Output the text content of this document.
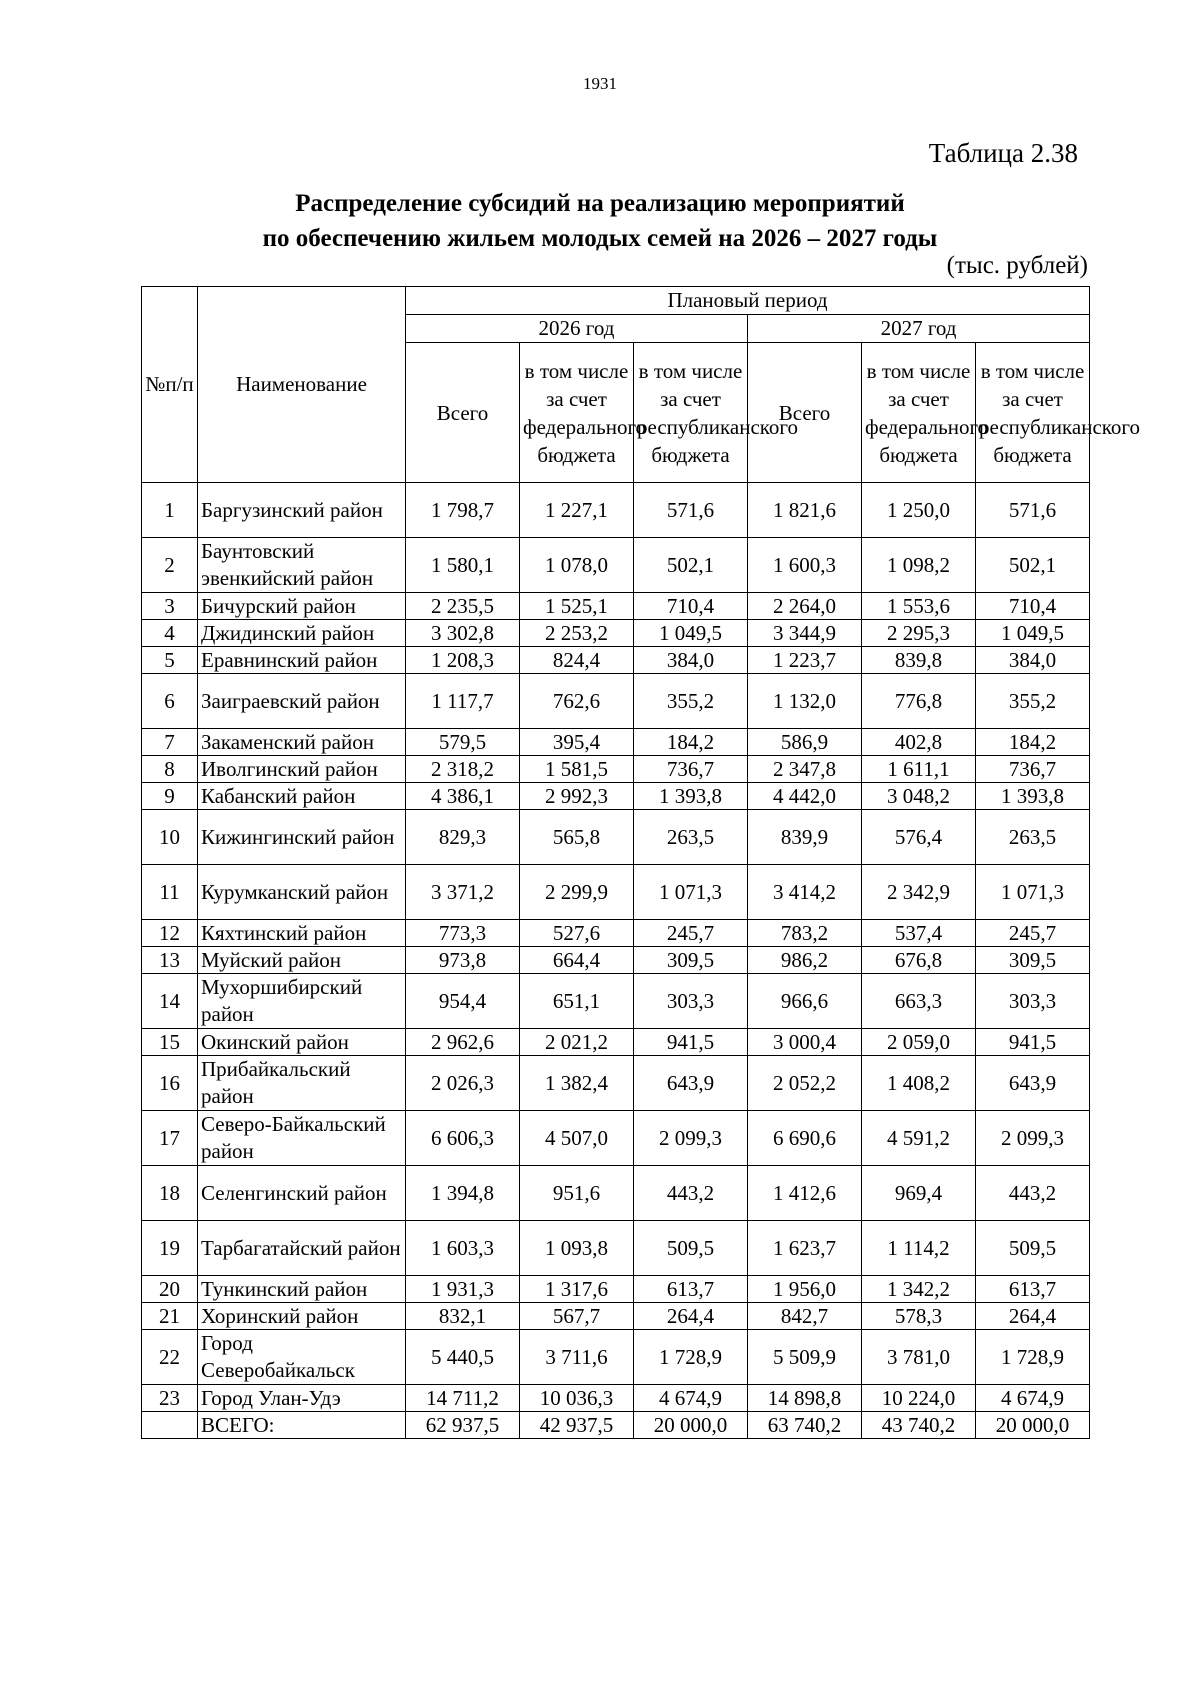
1931
Таблица 2.38
Распределение субсидий на реализацию мероприятий
по обеспечению жильем молодых семей на 2026 – 2027 годы
(тыс. рублей)
№п/п	Наименование	Плановый период					
		2026 год			2027 год		
		Всего	в том числе за счет федерального бюджета	в том числе за счет республиканского бюджета	Всего	в том числе за счет федерального бюджета	в том числе за счет республиканского бюджета
1	Баргузинский район	1 798,7	1 227,1	571,6	1 821,6	1 250,0	571,6
2	Баунтовский эвенкийский район	1 580,1	1 078,0	502,1	1 600,3	1 098,2	502,1
3	Бичурский район	2 235,5	1 525,1	710,4	2 264,0	1 553,6	710,4
4	Джидинский район	3 302,8	2 253,2	1 049,5	3 344,9	2 295,3	1 049,5
5	Еравнинский район	1 208,3	824,4	384,0	1 223,7	839,8	384,0
6	Заиграевский район	1 117,7	762,6	355,2	1 132,0	776,8	355,2
7	Закаменский район	579,5	395,4	184,2	586,9	402,8	184,2
8	Иволгинский район	2 318,2	1 581,5	736,7	2 347,8	1 611,1	736,7
9	Кабанский район	4 386,1	2 992,3	1 393,8	4 442,0	3 048,2	1 393,8
10	Кижингинский район	829,3	565,8	263,5	839,9	576,4	263,5
11	Курумканский район	3 371,2	2 299,9	1 071,3	3 414,2	2 342,9	1 071,3
12	Кяхтинский район	773,3	527,6	245,7	783,2	537,4	245,7
13	Муйский район	973,8	664,4	309,5	986,2	676,8	309,5
14	Мухоршибирский район	954,4	651,1	303,3	966,6	663,3	303,3
15	Окинский район	2 962,6	2 021,2	941,5	3 000,4	2 059,0	941,5
16	Прибайкальский район	2 026,3	1 382,4	643,9	2 052,2	1 408,2	643,9
17	Северо-Байкальский район	6 606,3	4 507,0	2 099,3	6 690,6	4 591,2	2 099,3
18	Селенгинский район	1 394,8	951,6	443,2	1 412,6	969,4	443,2
19	Тарбагатайский район	1 603,3	1 093,8	509,5	1 623,7	1 114,2	509,5
20	Тункинский район	1 931,3	1 317,6	613,7	1 956,0	1 342,2	613,7
21	Хоринский район	832,1	567,7	264,4	842,7	578,3	264,4
22	Город Северобайкальск	5 440,5	3 711,6	1 728,9	5 509,9	3 781,0	1 728,9
23	Город Улан-Удэ	14 711,2	10 036,3	4 674,9	14 898,8	10 224,0	4 674,9
	ВСЕГО:	62 937,5	42 937,5	20 000,0	63 740,2	43 740,2	20 000,0
